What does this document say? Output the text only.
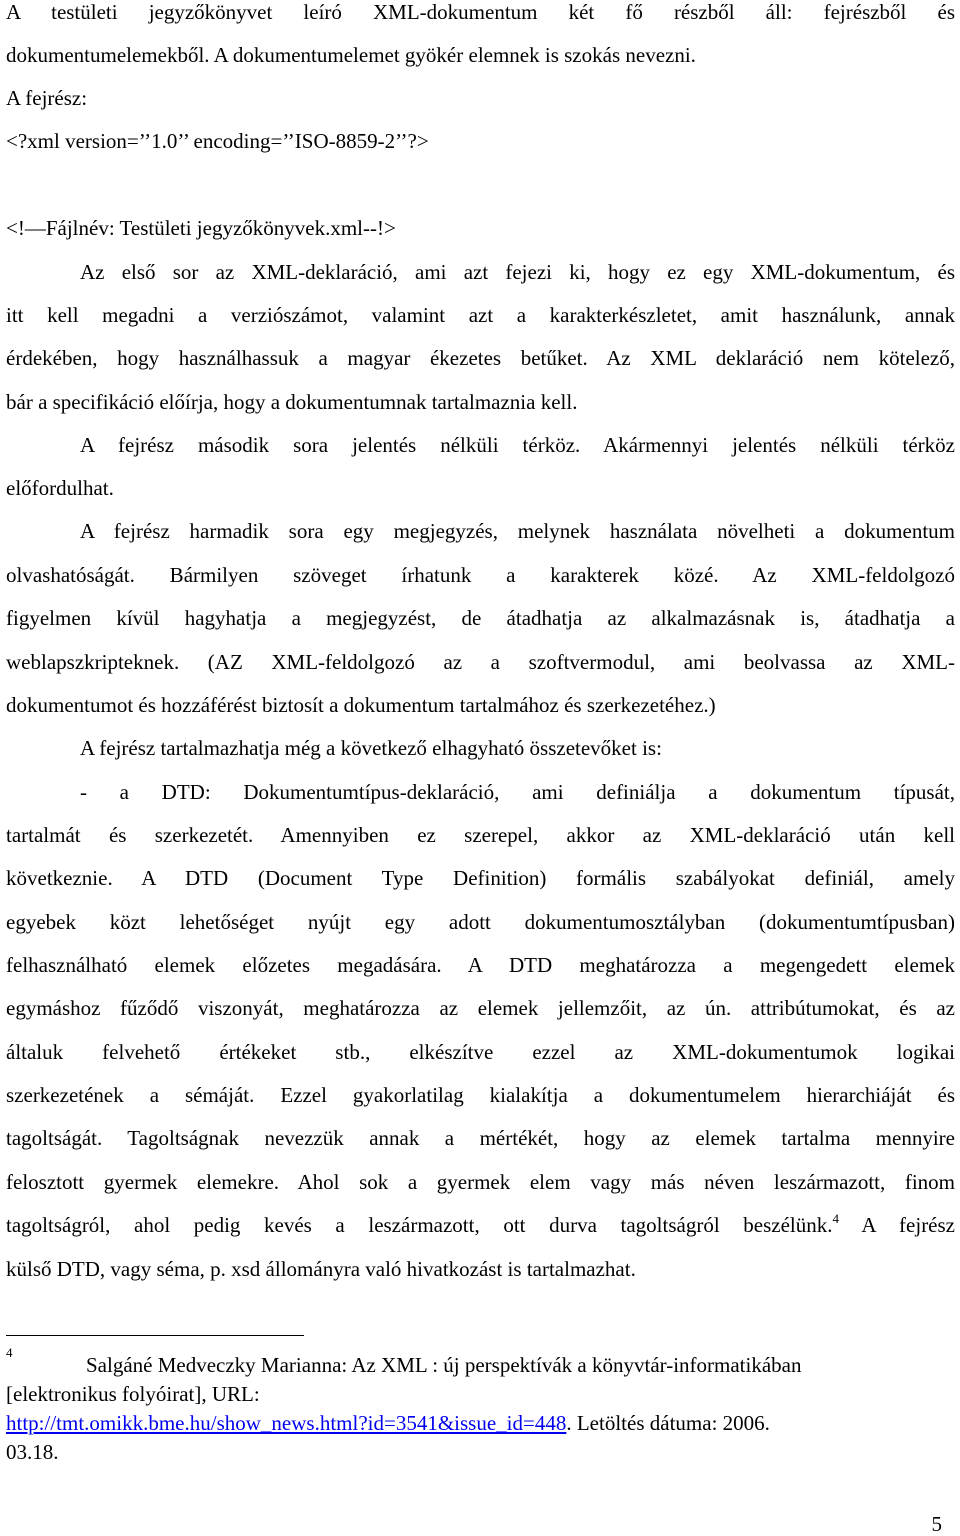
A testületi jegyzőkönyvet leíró XML-dokumentum két fő részből áll: fejrészből és
dokumentumelemekből. A dokumentumelemet gyökér elemnek is szokás nevezni.
A fejrész:
<?xml version=’’1.0’’ encoding=’’ISO-8859-2’’?>
<!—Fájlnév: Testületi jegyzőkönyvek.xml--!>
Az első sor az XML-deklaráció, ami azt fejezi ki, hogy ez egy XML-dokumentum, és
itt kell megadni a verziószámot, valamint azt a karakterkészletet, amit használunk, annak
érdekében, hogy használhassuk a magyar ékezetes betűket. Az XML deklaráció nem kötelező,
bár a specifikáció előírja, hogy a dokumentumnak tartalmaznia kell.
A fejrész második sora jelentés nélküli térköz. Akármennyi jelentés nélküli térköz
előfordulhat.
A fejrész harmadik sora egy megjegyzés, melynek használata növelheti a dokumentum
olvashatóságát. Bármilyen szöveget írhatunk a karakterek közé. Az XML-feldolgozó
figyelmen kívül hagyhatja a megjegyzést, de átadhatja az alkalmazásnak is, átadhatja a
weblapszkripteknek. (AZ XML-feldolgozó az a szoftvermodul, ami beolvassa az XML-
dokumentumot és hozzáférést biztosít a dokumentum tartalmához és szerkezetéhez.)
A fejrész tartalmazhatja még a következő elhagyható összetevőket is:
- a DTD: Dokumentumtípus-deklaráció, ami definiálja a dokumentum típusát,
tartalmát és szerkezetét. Amennyiben ez szerepel, akkor az XML-deklaráció után kell
következnie. A DTD (Document Type Definition) formális szabályokat definiál, amely
egyebek közt lehetőséget nyújt egy adott dokumentumosztályban (dokumentumtípusban)
felhasználható elemek előzetes megadására. A DTD meghatározza a megengedett elemek
egymáshoz fűződő viszonyát, meghatározza az elemek jellemzőit, az ún. attribútumokat, és az
általuk felvehető értékeket stb., elkészítve ezzel az XML-dokumentumok logikai
szerkezetének a sémáját. Ezzel gyakorlatilag kialakítja a dokumentumelem hierarchiáját és
tagoltságát. Tagoltságnak nevezzük annak a mértékét, hogy az elemek tartalma mennyire
felosztott gyermek elemekre. Ahol sok a gyermek elem vagy más néven leszármazott, finom
tagoltságról, ahol pedig kevés a leszármazott, ott durva tagoltságról beszélünk.$^4$ A fejrész
külső DTD, vagy séma, p. xsd állományra való hivatkozást is tartalmazhat.
4
Salgáné Medveczky Marianna: Az XML : új perspektívák a könyvtár-informatikában
[elektronikus folyóirat], URL:
http://tmt.omikk.bme.hu/show_news.html?id=3541&issue_id=448. Letöltés dátuma: 2006.
03.18.
5
